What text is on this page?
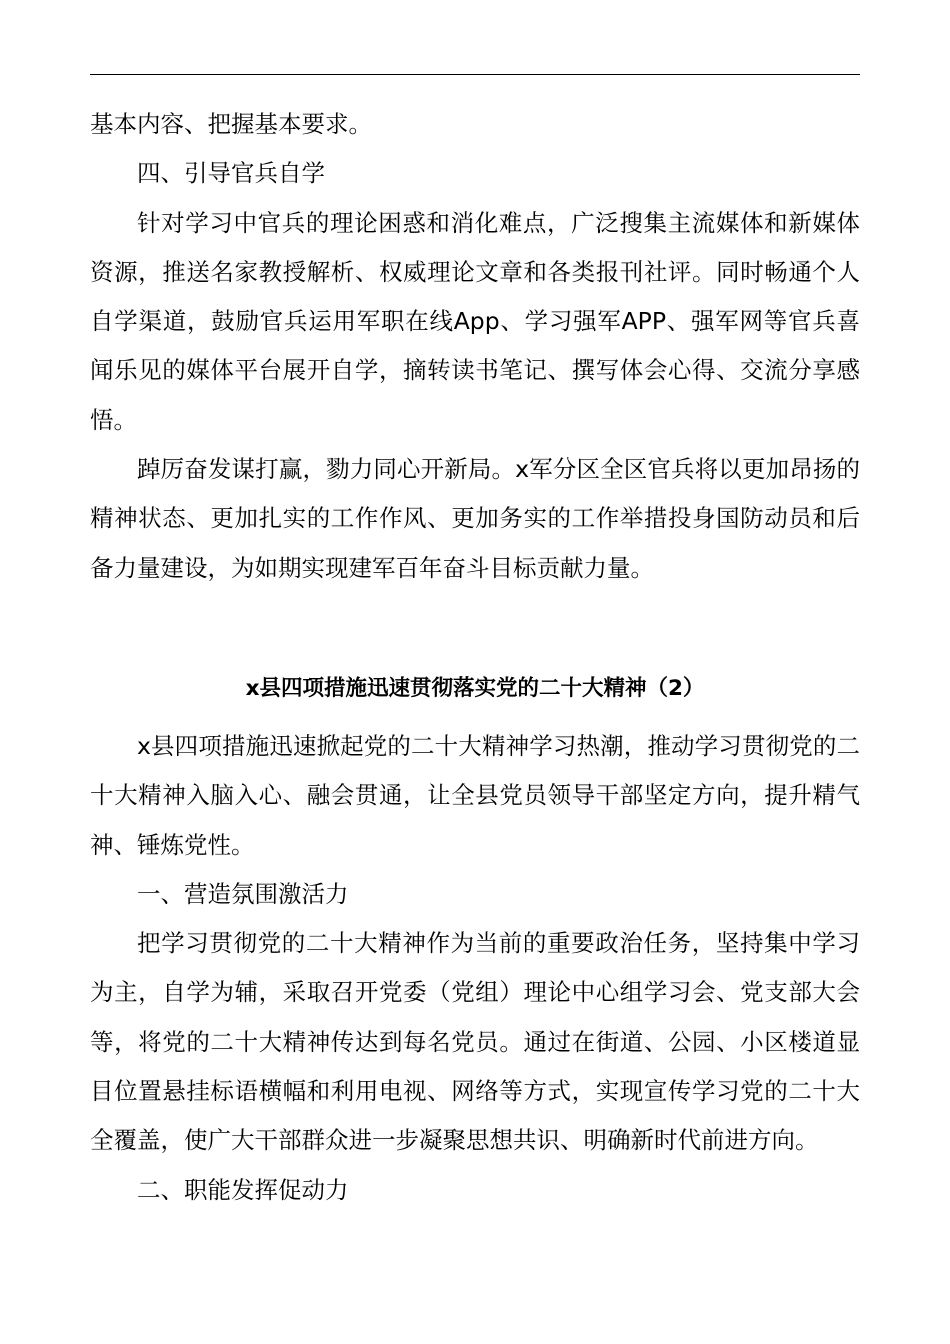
基本内容、把握基本要求。

四、引导官兵自学

针对学习中官兵的理论困惑和消化难点，广泛搜集主流媒体和新媒体资源，推送名家教授解析、权威理论文章和各类报刊社评。同时畅通个人自学渠道，鼓励官兵运用军职在线App、学习强军APP、强军网等官兵喜闻乐见的媒体平台展开自学，摘转读书笔记、撰写体会心得、交流分享感悟。

踔厉奋发谋打赢，勠力同心开新局。x军分区全区官兵将以更加昂扬的精神状态、更加扎实的工作作风、更加务实的工作举措投身国防动员和后备力量建设，为如期实现建军百年奋斗目标贡献力量。

x县四项措施迅速贯彻落实党的二十大精神（2）

x县四项措施迅速掀起党的二十大精神学习热潮，推动学习贯彻党的二十大精神入脑入心、融会贯通，让全县党员领导干部坚定方向，提升精气神、锤炼党性。

一、营造氛围激活力

把学习贯彻党的二十大精神作为当前的重要政治任务，坚持集中学习为主，自学为辅，采取召开党委（党组）理论中心组学习会、党支部大会等，将党的二十大精神传达到每名党员。通过在街道、公园、小区楼道显目位置悬挂标语横幅和利用电视、网络等方式，实现宣传学习党的二十大全覆盖，使广大干部群众进一步凝聚思想共识、明确新时代前进方向。

二、职能发挥促动力
